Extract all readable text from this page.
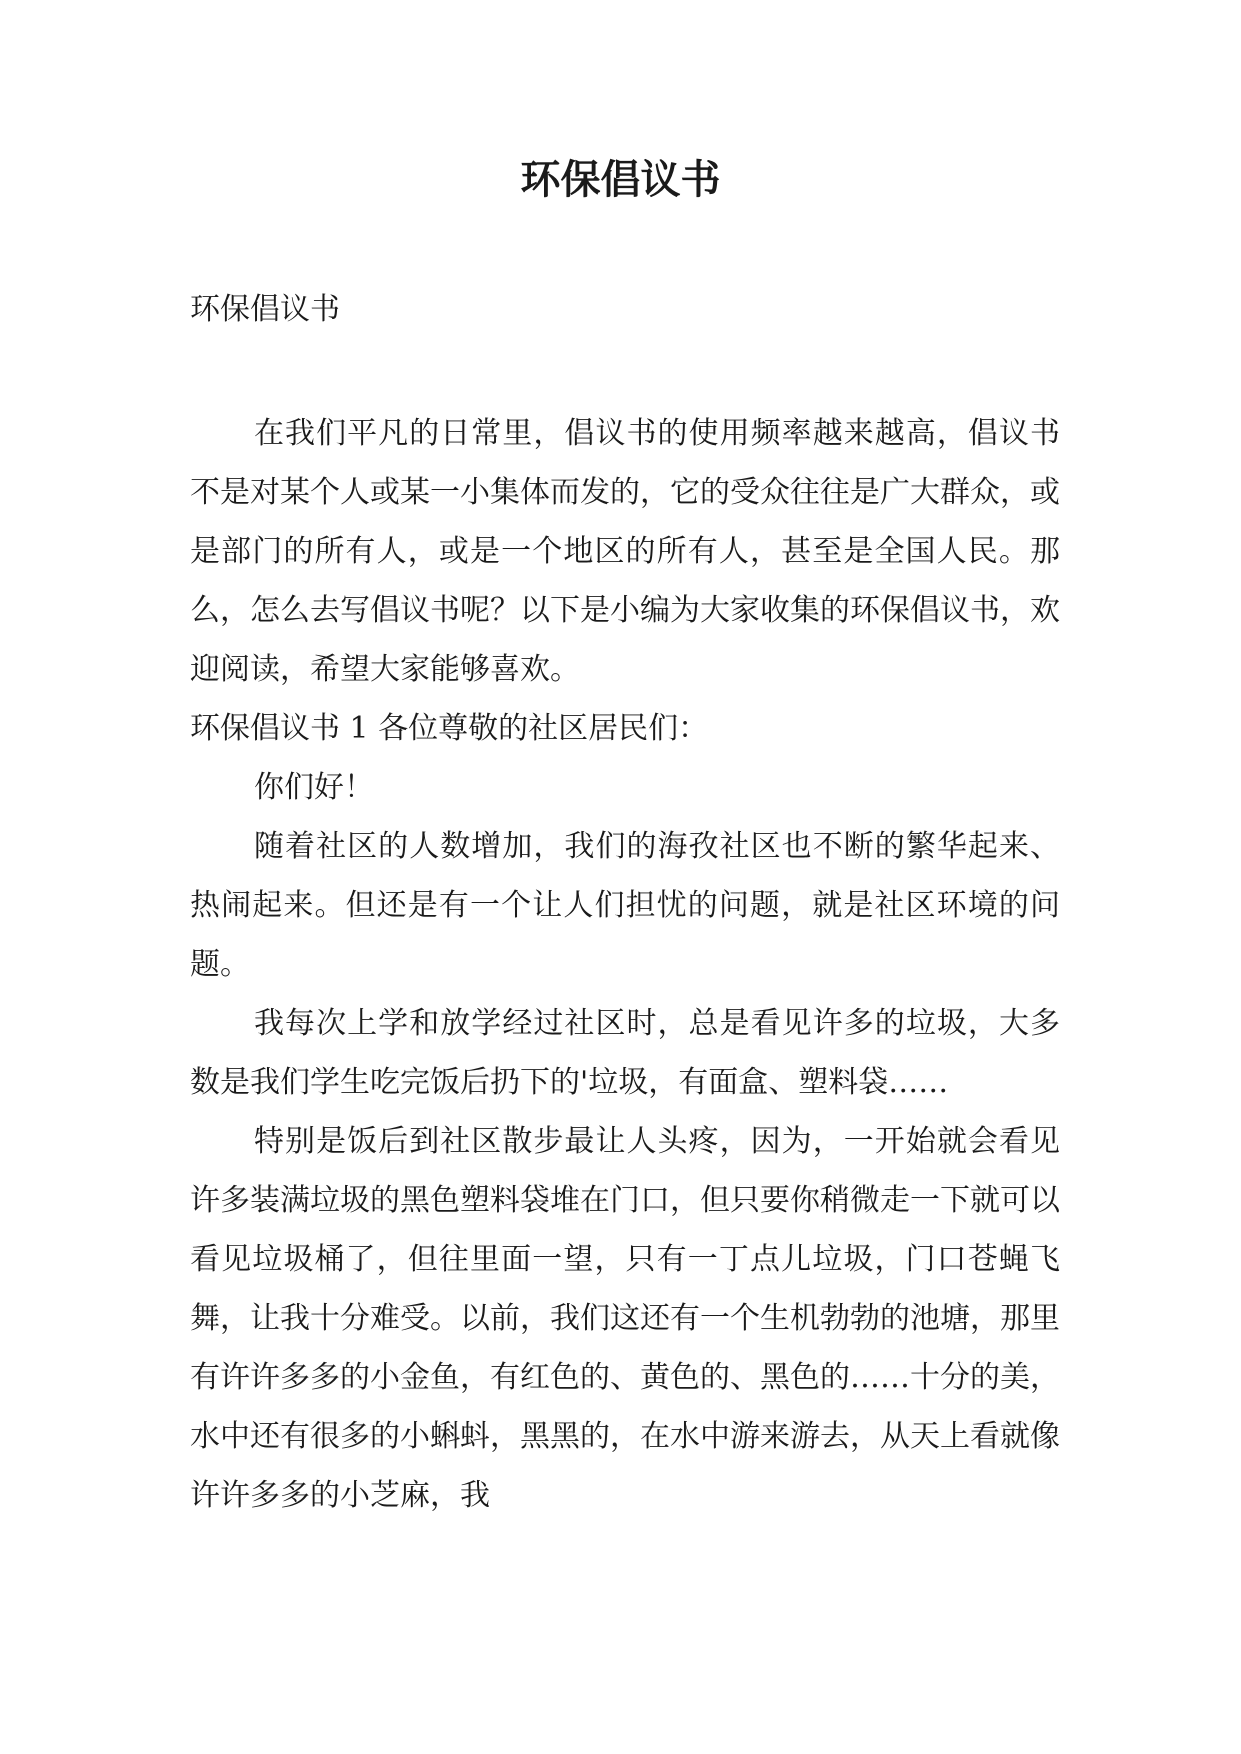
环保倡议书

环保倡议书

在我们平凡的日常里，倡议书的使用频率越来越高，倡议书不是对某个人或某一小集体而发的，它的受众往往是广大群众，或是部门的所有人，或是一个地区的所有人，甚至是全国人民。那么，怎么去写倡议书呢？以下是小编为大家收集的环保倡议书，欢迎阅读，希望大家能够喜欢。

环保倡议书 1 各位尊敬的社区居民们：

你们好！

随着社区的人数增加，我们的海孜社区也不断的繁华起来、热闹起来。但还是有一个让人们担忧的问题，就是社区环境的问题。

我每次上学和放学经过社区时，总是看见许多的垃圾，大多数是我们学生吃完饭后扔下的'垃圾，有面盒、塑料袋……

特别是饭后到社区散步最让人头疼，因为，一开始就会看见许多装满垃圾的黑色塑料袋堆在门口，但只要你稍微走一下就可以看见垃圾桶了，但往里面一望，只有一丁点儿垃圾，门口苍蝇飞舞，让我十分难受。以前，我们这还有一个生机勃勃的池塘，那里有许许多多的小金鱼，有红色的、黄色的、黑色的……十分的美，水中还有很多的小蝌蚪，黑黑的，在水中游来游去，从天上看就像许许多多的小芝麻，我
